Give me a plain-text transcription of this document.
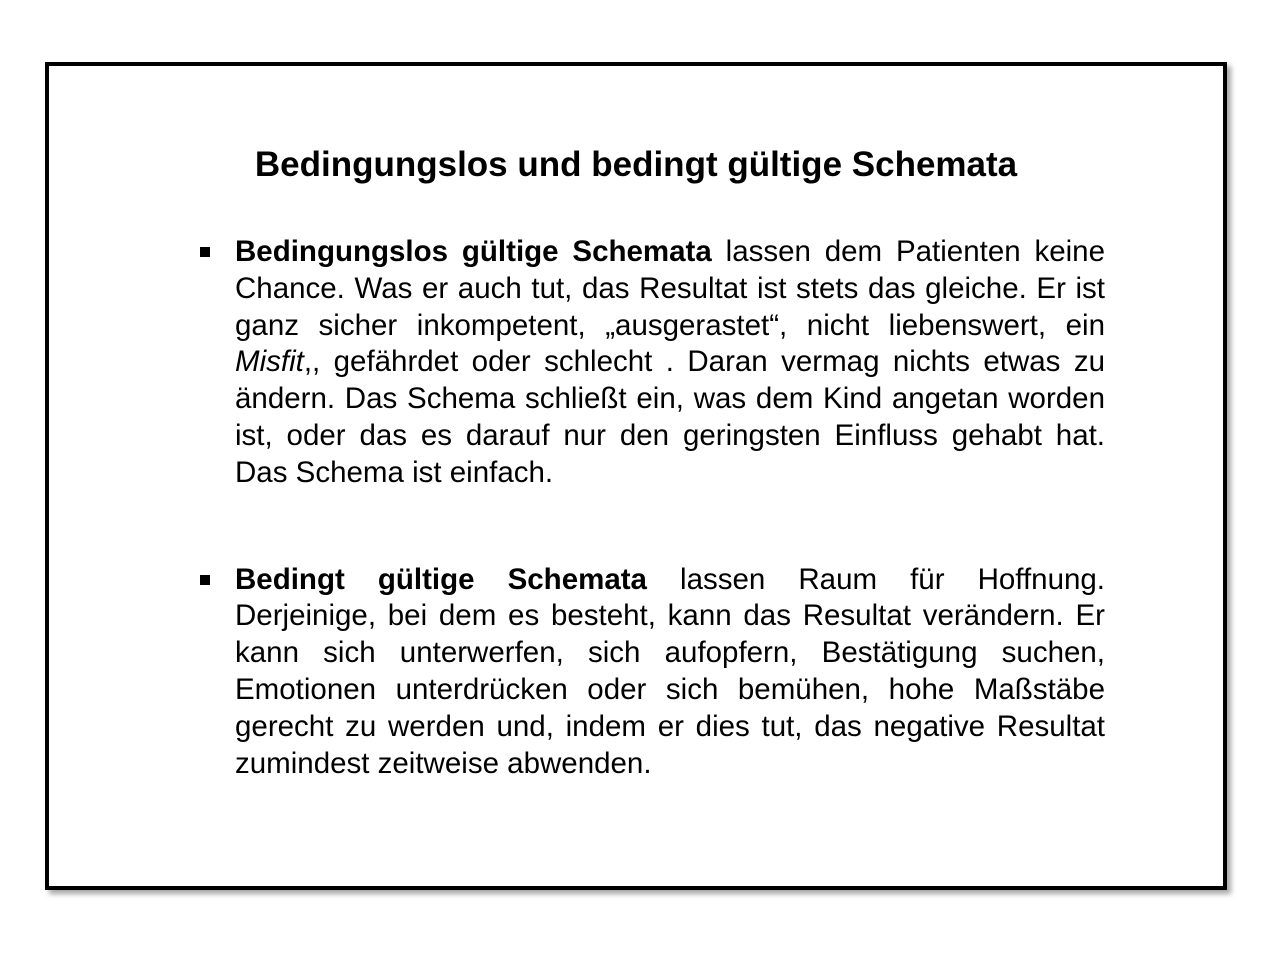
Bedingungslos und bedingt gültige Schemata
Bedingungslos gültige Schemata lassen dem Patienten keine Chance. Was er auch tut, das Resultat ist stets das gleiche. Er ist ganz sicher inkompetent, „ausgerastet“, nicht liebenswert, ein Misfit,, gefährdet oder schlecht . Daran vermag nichts etwas zu ändern. Das Schema schließt ein, was dem Kind angetan worden ist, oder das es darauf nur den geringsten Einfluss gehabt hat. Das Schema ist einfach.
Bedingt gültige Schemata lassen Raum für Hoffnung. Derjeinige, bei dem es besteht, kann das Resultat verändern. Er kann sich unterwerfen, sich aufopfern, Bestätigung suchen, Emotionen unterdrücken oder sich bemühen, hohe Maßstäbe gerecht zu werden und, indem er dies tut, das negative Resultat zumindest zeitweise abwenden.
